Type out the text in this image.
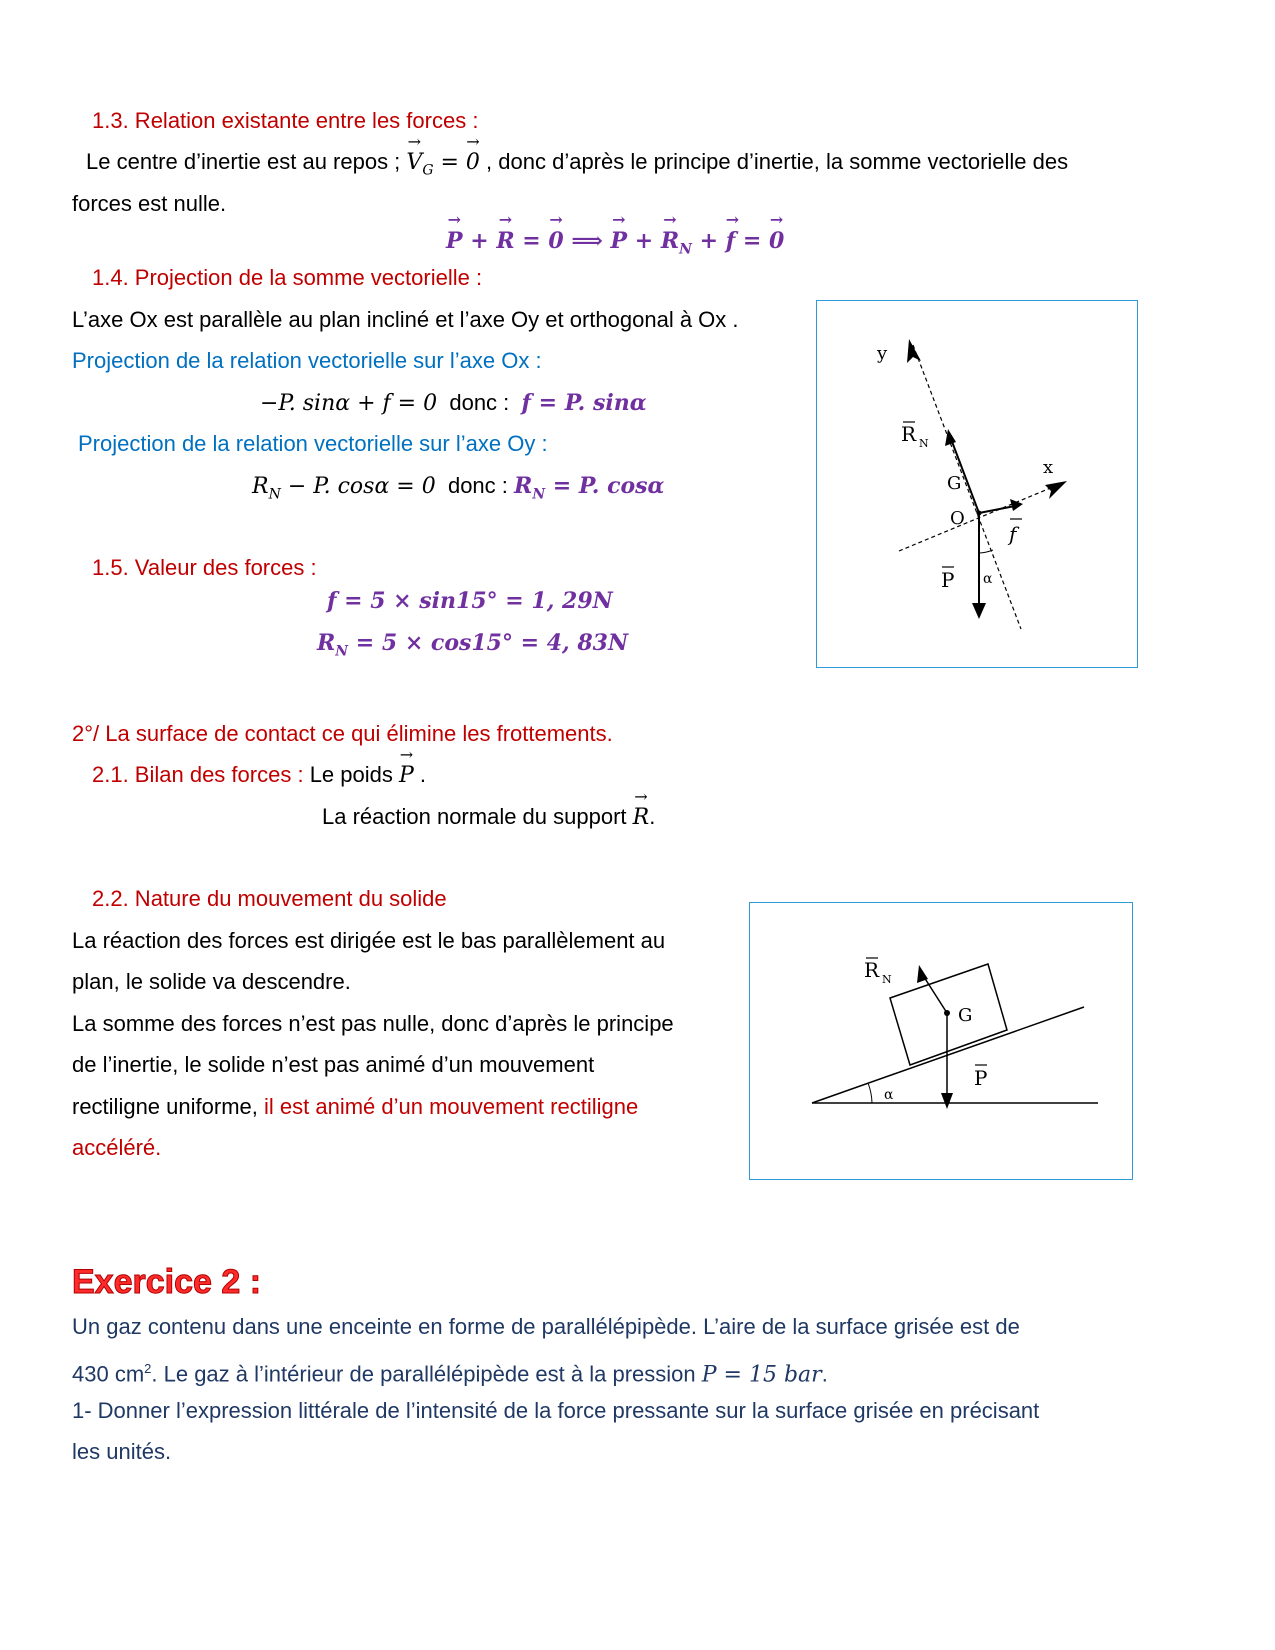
1.3. Relation existante entre les forces :
Le centre d’inertie est au repos ; → $V_G$ = → 0 , donc d’après le principe d’inertie, la somme vectorielle des
forces est nulle.
→ P + → R = → 0 ⟹ → P + → $R_N$ + → f = → 0
1.4. Projection de la somme vectorielle :
L’axe Ox est parallèle au plan incliné et l’axe Oy et orthogonal à Ox .
Projection de la relation vectorielle sur l’axe Ox :
−P. sinα + f = 0 donc : f = P. sinα
Projection de la relation vectorielle sur l’axe Oy :
$R_N - P$. cosα = 0 donc : $R_N = P$. cosα
1.5. Valeur des forces :
f = 5 × sin15° = 1, 29N
$R_N = 5 \times \cos 15^\circ = 4$, 83N
y
x
R N
G
O
f
P α
2°/ La surface de contact ce qui élimine les frottements.
2.1. Bilan des forces : Le poids → P .
La réaction normale du support → R.
2.2. Nature du mouvement du solide
La réaction des forces est dirigée est le bas parallèlement au
plan, le solide va descendre.
La somme des forces n’est pas nulle, donc d’après le principe
de l’inertie, le solide n’est pas animé d’un mouvement
rectiligne uniforme, il est animé d’un mouvement rectiligne
accéléré.
R N
G
P
α
Exercice 2 :
Un gaz contenu dans une enceinte en forme de parallélépipède. L’aire de la surface grisée est de
430 $cm^2$. Le gaz à l’intérieur de parallélépipède est à la pression P = 15 bar.
1- Donner l’expression littérale de l’intensité de la force pressante sur la surface grisée en précisant
les unités.
